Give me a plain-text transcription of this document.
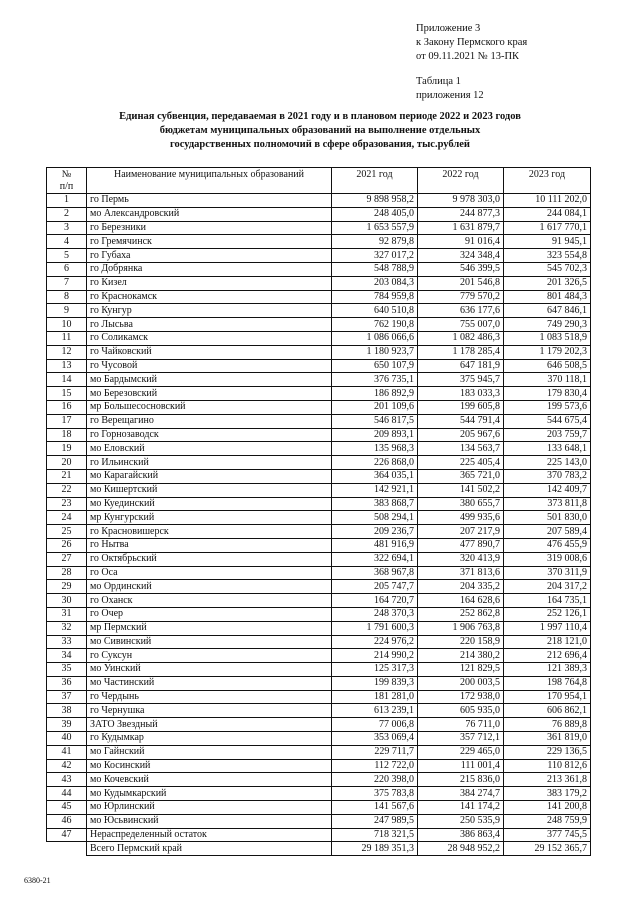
Приложение 3
к Закону Пермского края
от 09.11.2021 № 13-ПК
Таблица 1
приложения 12
Единая субвенция, передаваемая в 2021 году и в плановом периоде 2022 и 2023 годов
бюджетам муниципальных образований на выполнение отдельных
государственных полномочий в сфере образования, тыс.рублей
№
п/п	Наименование муниципальных образований	2021 год	2022 год	2023 год
1	го Пермь	9 898 958,2	9 978 303,0	10 111 202,0
2	мо Александровский	248 405,0	244 877,3	244 084,1
3	го Березники	1 653 557,9	1 631 879,7	1 617 770,1
4	го Гремячинск	92 879,8	91 016,4	91 945,1
5	го Губаха	327 017,2	324 348,4	323 554,8
6	го Добрянка	548 788,9	546 399,5	545 702,3
7	го Кизел	203 084,3	201 546,8	201 326,5
8	го Краснокамск	784 959,8	779 570,2	801 484,3
9	го Кунгур	640 510,8	636 177,6	647 846,1
10	го Лысьва	762 190,8	755 007,0	749 290,3
11	го Соликамск	1 086 066,6	1 082 486,3	1 083 518,9
12	го Чайковский	1 180 923,7	1 178 285,4	1 179 202,3
13	го Чусовой	650 107,9	647 181,9	646 508,5
14	мо Бардымский	376 735,1	375 945,7	370 118,1
15	мо Березовский	186 892,9	183 033,3	179 830,4
16	мр Большесосновский	201 109,6	199 605,8	199 573,6
17	го Верещагино	546 817,5	544 791,4	544 675,4
18	го Горнозаводск	209 893,1	205 967,6	203 759,7
19	мо Еловский	135 968,3	134 563,7	133 648,1
20	го Ильинский	226 868,0	225 405,4	225 143,0
21	мо Карагайский	364 035,1	365 721,0	370 783,2
22	мо Кишертский	142 921,1	141 502,2	142 409,7
23	мо Куединский	383 868,7	380 655,7	373 811,8
24	мр Кунгурский	508 294,1	499 935,6	501 830,0
25	го Красновишерск	209 236,7	207 217,9	207 589,4
26	го Нытва	481 916,9	477 890,7	476 455,9
27	го Октябрьский	322 694,1	320 413,9	319 008,6
28	го Оса	368 967,8	371 813,6	370 311,9
29	мо Ординский	205 747,7	204 335,2	204 317,2
30	го Оханск	164 720,7	164 628,6	164 735,1
31	го Очер	248 370,3	252 862,8	252 126,1
32	мр Пермский	1 791 600,3	1 906 763,8	1 997 110,4
33	мо Сивинский	224 976,2	220 158,9	218 121,0
34	го Суксун	214 990,2	214 380,2	212 696,4
35	мо Уинский	125 317,3	121 829,5	121 389,3
36	мо Частинский	199 839,3	200 003,5	198 764,8
37	го Чердынь	181 281,0	172 938,0	170 954,1
38	го Чернушка	613 239,1	605 935,0	606 862,1
39	ЗАТО Звездный	77 006,8	76 711,0	76 889,8
40	го Кудымкар	353 069,4	357 712,1	361 819,0
41	мо Гайнский	229 711,7	229 465,0	229 136,5
42	мо Косинский	112 722,0	111 001,4	110 812,6
43	мо Кочевский	220 398,0	215 836,0	213 361,8
44	мо Кудымкарский	375 783,8	384 274,7	383 179,2
45	мо Юрлинский	141 567,6	141 174,2	141 200,8
46	мо Юсьвинский	247 989,5	250 535,9	248 759,9
47	Нераспределенный остаток	718 321,5	386 863,4	377 745,5
	Всего Пермский край	29 189 351,3	28 948 952,2	29 152 365,7
6380-21
